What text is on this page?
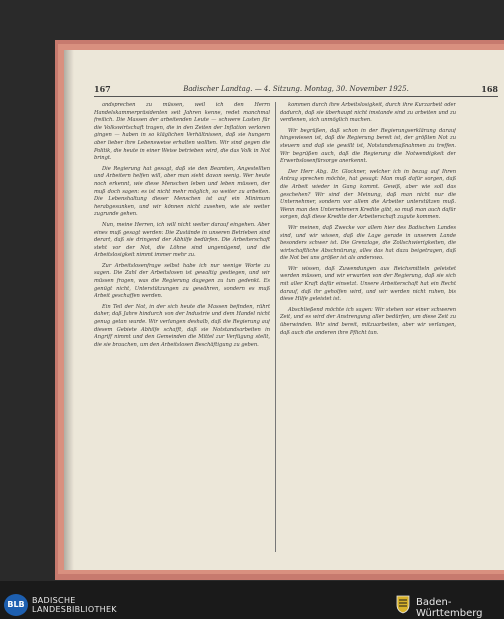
167	Badischer Landtag. — 4. Sitzung. Montag, 30. November 1925.	168

andsprechen zu müssen, weil ich den Herrn Handelskammerpräsidenten seit Jahren kenne, redet manchmal freilich. Die Massen der arbeitenden Leute — schwere Lasten für die Volkswirtschaft tragen, die in den Zeiten der Inflation verloren gingen — haben in so kläglichen Verhältnissen, daß sie hungern aber lieber ihre Lebensweise erhalten wollten. Wir sind gegen die Politik, die heute in einer Weise betrieben wird, die das Volk in Not bringt.

Die Regierung hat gesagt, daß sie den Beamten, Angestellten und Arbeitern helfen will, aber man sieht davon wenig. Wer heute noch erkennt, wie diese Menschen leben und leben müssen, der muß doch sagen: es ist nicht mehr möglich, so weiter zu arbeiten. Die Lebenshaltung dieser Menschen ist auf ein Minimum herabgesunken, und wir können nicht zusehen, wie sie weiter zugrunde gehen.

Nun, meine Herren, ich will nicht weiter darauf eingehen. Aber eines muß gesagt werden: Die Zustände in unseren Betrieben sind derart, daß sie dringend der Abhilfe bedürfen. Die Arbeiterschaft steht vor der Not, die Löhne sind ungenügend, und die Arbeitslosigkeit nimmt immer mehr zu.

Zur Arbeitslosenfrage selbst habe ich nur wenige Worte zu sagen. Die Zahl der Arbeitslosen ist gewaltig gestiegen, und wir müssen fragen, was die Regierung dagegen zu tun gedenkt. Es genügt nicht, Unterstützungen zu gewähren, sondern es muß Arbeit geschaffen werden.

Ein Teil der Not, in der sich heute die Massen befinden, rührt daher, daß Jahre hindurch von der Industrie und dem Handel nicht genug getan wurde. Wir verlangen deshalb, daß die Regierung auf diesem Gebiete Abhilfe schafft, daß sie Notstandsarbeiten in Angriff nimmt und den Gemeinden die Mittel zur Verfügung stellt, die sie brauchen, um den Arbeitslosen Beschäftigung zu geben.

kommen durch ihre Arbeitslosigkeit, durch ihre Kurzarbeit oder dadurch, daß sie überhaupt nicht imstande sind zu arbeiten und zu verdienen, sich unmöglich machen.

Wir begrüßen, daß schon in der Regierungserklärung darauf hingewiesen ist, daß die Regierung bereit ist, der größten Not zu steuern und daß sie gewillt ist, Notstandsmaßnahmen zu treffen. Wir begrüßen auch, daß die Regierung die Notwendigkeit der Erwerbslosenfürsorge anerkennt.

Der Herr Abg. Dr. Glockner, welcher ich in bezug auf Ihren Antrag sprechen möchte, hat gesagt: Man muß dafür sorgen, daß die Arbeit wieder in Gang kommt. Gewiß, aber wie soll das geschehen? Wir sind der Meinung, daß man nicht nur die Unternehmer, sondern vor allem die Arbeiter unterstützen muß. Wenn man den Unternehmern Kredite gibt, so muß man auch dafür sorgen, daß diese Kredite der Arbeiterschaft zugute kommen.

Wir meinen, daß Zwecke vor allem hier des Badischen Landes sind, und wir wissen, daß die Lage gerade in unserem Lande besonders schwer ist. Die Grenzlage, die Zollschwierigkeiten, die wirtschaftliche Abschnürung, alles das hat dazu beigetragen, daß die Not bei uns größer ist als anderswo.

Wir wissen, daß Zuwendungen aus Reichsmitteln geleistet werden müssen, und wir erwarten von der Regierung, daß sie sich mit aller Kraft dafür einsetzt. Unsere Arbeiterschaft hat ein Recht darauf, daß ihr geholfen wird, und wir werden nicht ruhen, bis diese Hilfe geleistet ist.

Abschließend möchte ich sagen: Wir stehen vor einer schweren Zeit, und es wird der Anstrengung aller bedürfen, um diese Zeit zu überwinden. Wir sind bereit, mitzuarbeiten, aber wir verlangen, daß auch die anderen ihre Pflicht tun.

BLB BADISCHE
LANDESBIBLIOTHEK
Baden-Württemberg
